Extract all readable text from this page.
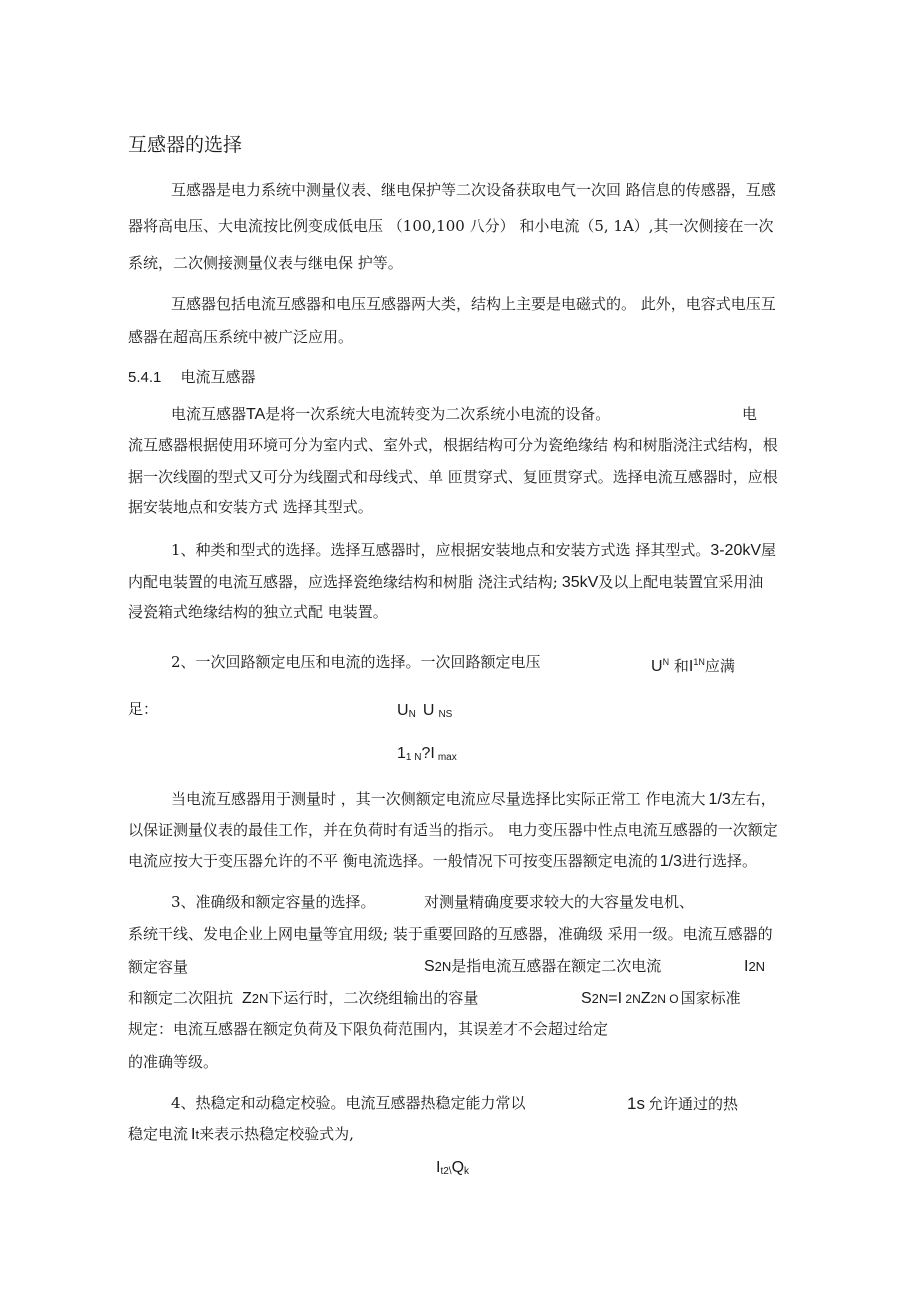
互感器的选择
互感器是电力系统中测量仪表、继电保护等二次设备获取电气一次回 路信息的传感器，互感
器将高电压、大电流按比例变成低电压 （100,100 八分） 和小电流（5, 1A）,其一次侧接在一次
系统，二次侧接测量仪表与继电保 护等。
互感器包括电流互感器和电压互感器两大类，结构上主要是电磁式的。 此外，电容式电压互
感器在超高压系统中被广泛应用。
5.4.1 电流互感器
电流互感器TA是将一次系统大电流转变为二次系统小电流的设备。	电
流互感器根据使用环境可分为室内式、室外式，根据结构可分为瓷绝缘结 构和树脂浇注式结构，根
据一次线圈的型式又可分为线圈式和母线式、单 匝贯穿式、复匝贯穿式。选择电流互感器时，应根
据安装地点和安装方式 选择其型式。
1、种类和型式的选择。选择互感器时，应根据安装地点和安装方式选 择其型式。3-20kV屋
内配电装置的电流互感器，应选择瓷绝缘结构和树脂 浇注式结构; 35kV及以上配电装置宜采用油
浸瓷箱式绝缘结构的独立式配 电装置。
2、一次回路额定电压和电流的选择。一次回路额定电压	$U^N$ 和$I^{1N}$应满
足：	$U_N$ U $_{NS}$
$1_{1 N}?I$ $_{max}$
当电流互感器用于测量时 ，其一次侧额定电流应尽量选择比实际正常工 作电流大 1/3左右，
以保证测量仪表的最佳工作，并在负荷时有适当的指示。 电力变压器中性点电流互感器的一次额定
电流应按大于变压器允许的不平 衡电流选择。一般情况下可按变压器额定电流的 1/3进行选择。
3、准确级和额定容量的选择。	对测量精确度要求较大的大容量发电机、
系统干线、发电企业上网电量等宜用级; 装于重要回路的互感器，准确级 采用一级。电流互感器的
额定容量	S2N是指电流互感器在额定二次电流	I2N
和额定二次阻抗 Z2N下运行时，二次绕组输出的容量	S2N=I 2NZ2N O 国家标准
规定：电流互感器在额定负荷及下限负荷范围内，其误差才不会超过给定
的准确等级。
4、热稳定和动稳定校验。电流互感器热稳定能力常以	1s 允许通过的热
稳定电流 It来表示热稳定校验式为,
$I_{t2\backslash}Q_k$
